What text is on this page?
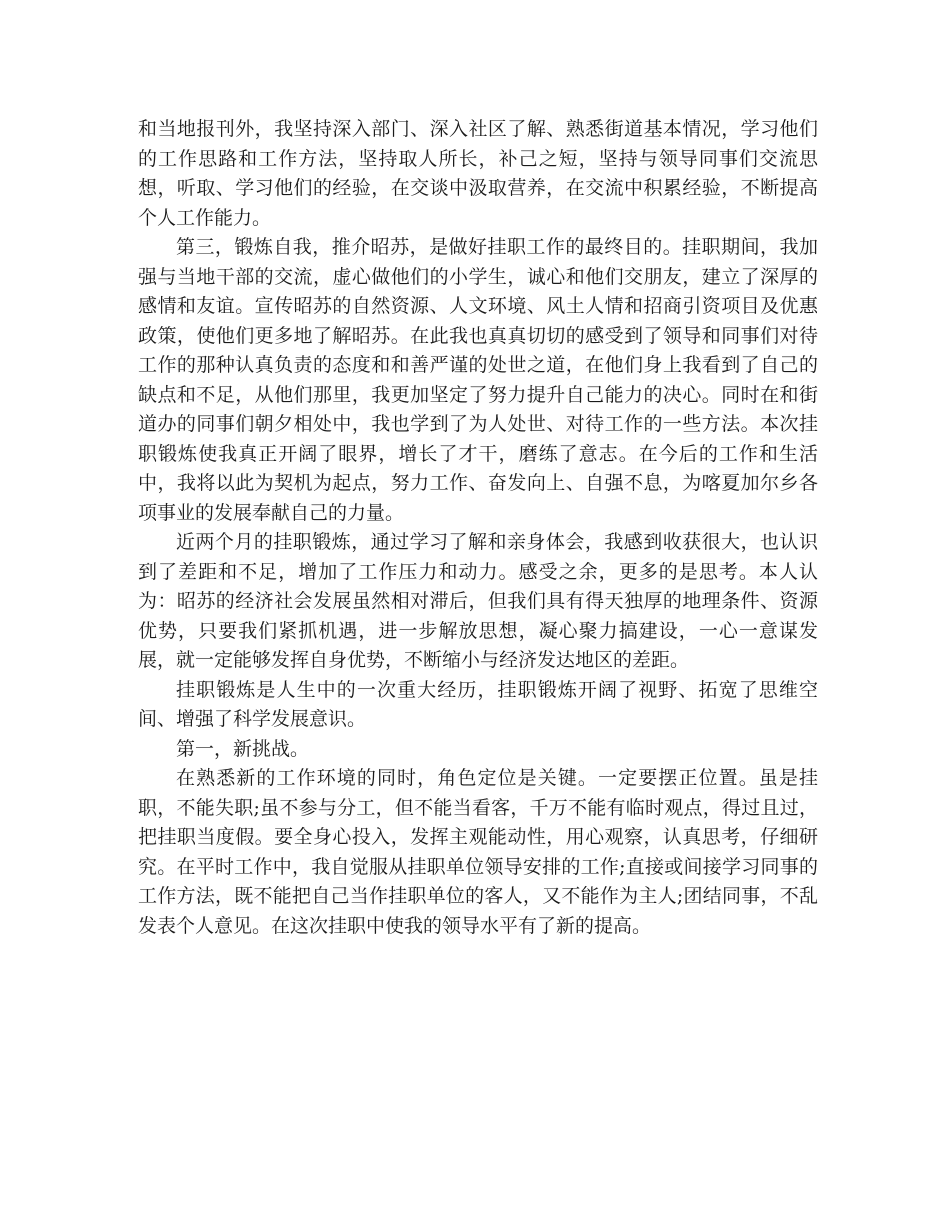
和当地报刊外，我坚持深入部门、深入社区了解、熟悉街道基本情况，学习他们的工作思路和工作方法，坚持取人所长，补己之短，坚持与领导同事们交流思想，听取、学习他们的经验，在交谈中汲取营养，在交流中积累经验，不断提高个人工作能力。

第三，锻炼自我，推介昭苏，是做好挂职工作的最终目的。挂职期间，我加强与当地干部的交流，虚心做他们的小学生，诚心和他们交朋友，建立了深厚的感情和友谊。宣传昭苏的自然资源、人文环境、风土人情和招商引资项目及优惠政策，使他们更多地了解昭苏。在此我也真真切切的感受到了领导和同事们对待工作的那种认真负责的态度和和善严谨的处世之道，在他们身上我看到了自己的缺点和不足，从他们那里，我更加坚定了努力提升自己能力的决心。同时在和街道办的同事们朝夕相处中，我也学到了为人处世、对待工作的一些方法。本次挂职锻炼使我真正开阔了眼界，增长了才干，磨练了意志。在今后的工作和生活中，我将以此为契机为起点，努力工作、奋发向上、自强不息，为喀夏加尔乡各项事业的发展奉献自己的力量。

近两个月的挂职锻炼，通过学习了解和亲身体会，我感到收获很大，也认识到了差距和不足，增加了工作压力和动力。感受之余，更多的是思考。本人认为：昭苏的经济社会发展虽然相对滞后，但我们具有得天独厚的地理条件、资源优势，只要我们紧抓机遇，进一步解放思想，凝心聚力搞建设，一心一意谋发展，就一定能够发挥自身优势，不断缩小与经济发达地区的差距。

挂职锻炼是人生中的一次重大经历，挂职锻炼开阔了视野、拓宽了思维空间、增强了科学发展意识。

第一，新挑战。

在熟悉新的工作环境的同时，角色定位是关键。一定要摆正位置。虽是挂职，不能失职;虽不参与分工，但不能当看客，千万不能有临时观点，得过且过，把挂职当度假。要全身心投入，发挥主观能动性，用心观察，认真思考，仔细研究。在平时工作中，我自觉服从挂职单位领导安排的工作;直接或间接学习同事的工作方法，既不能把自己当作挂职单位的客人，又不能作为主人;团结同事，不乱发表个人意见。在这次挂职中使我的领导水平有了新的提高。
